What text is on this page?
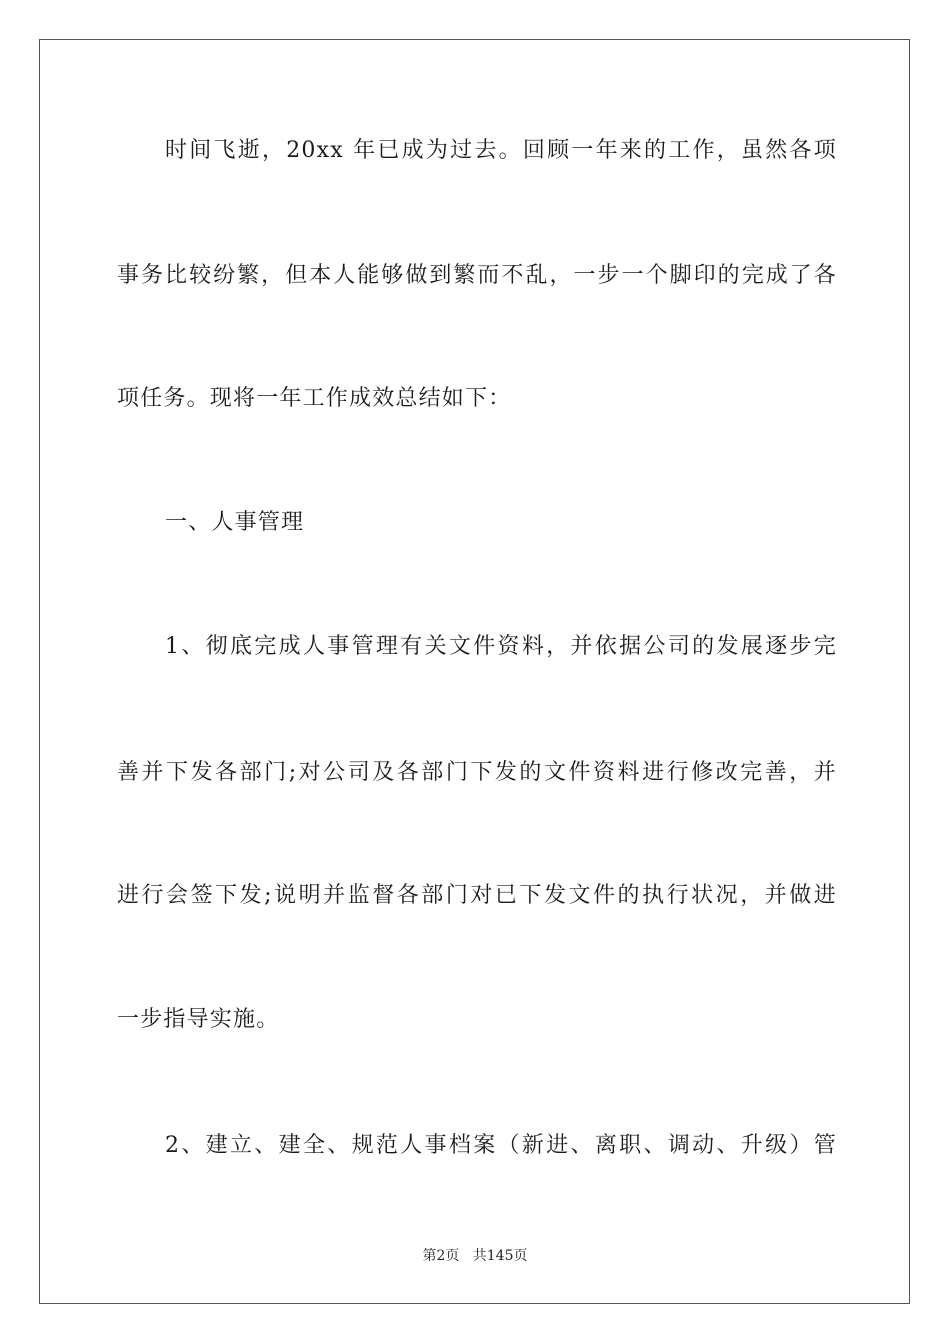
时间飞逝，20xx 年已成为过去。回顾一年来的工作，虽然各项
事务比较纷繁，但本人能够做到繁而不乱，一步一个脚印的完成了各
项任务。现将一年工作成效总结如下：
一、人事管理
1、彻底完成人事管理有关文件资料，并依据公司的发展逐步完
善并下发各部门;对公司及各部门下发的文件资料进行修改完善，并
进行会签下发;说明并监督各部门对已下发文件的执行状况，并做进
一步指导实施。
2、建立、建全、规范人事档案（新进、离职、调动、升级）管
第2页 共145页
